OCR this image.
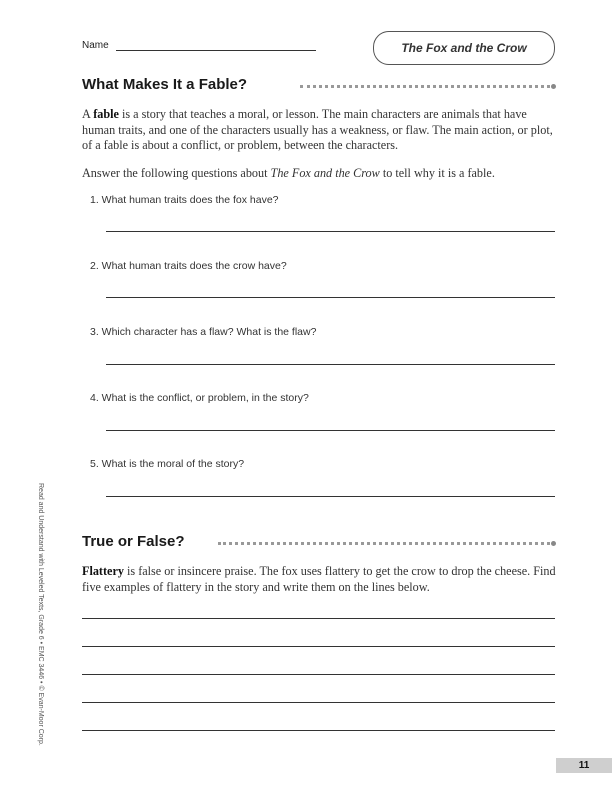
Name	The Fox and the Crow
What Makes It a Fable?
A fable is a story that teaches a moral, or lesson. The main characters are animals that have human traits, and one of the characters usually has a weakness, or flaw. The main action, or plot, of a fable is about a conflict, or problem, between the characters.
Answer the following questions about The Fox and the Crow to tell why it is a fable.
1. What human traits does the fox have?
2. What human traits does the crow have?
3. Which character has a flaw? What is the flaw?
4. What is the conflict, or problem, in the story?
5. What is the moral of the story?
True or False?
Flattery is false or insincere praise. The fox uses flattery to get the crow to drop the cheese. Find five examples of flattery in the story and write them on the lines below.
Read and Understand with Leveled Texts, Grade 6 • EMC 3446 • © Evan-Moor Corp.
11
